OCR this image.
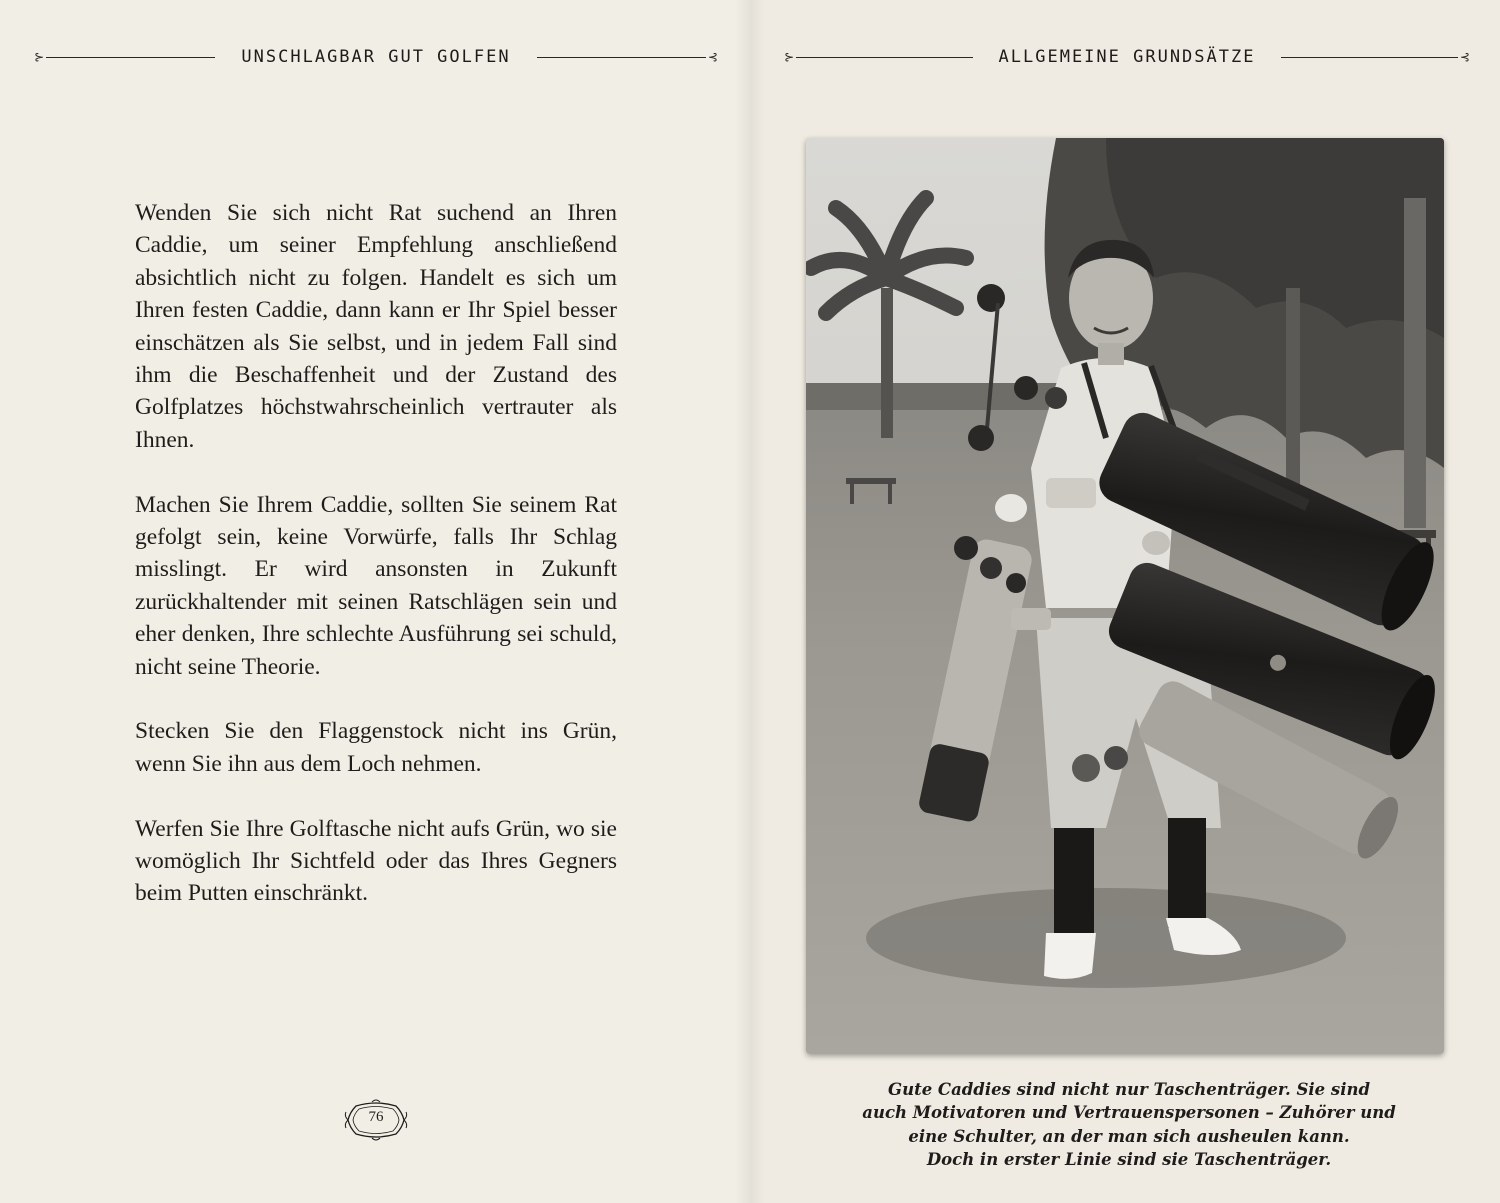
⊱	UNSCHLAGBAR GUT GOLFEN	⊰	⊱	ALLGEMEINE GRUNDSÄTZE	⊰

Wenden Sie sich nicht Rat suchend an Ihren Caddie, um seiner Empfehlung anschließend absichtlich nicht zu folgen. Handelt es sich um Ihren festen Caddie, dann kann er Ihr Spiel besser einschätzen als Sie selbst, und in jedem Fall sind ihm die Beschaffenheit und der Zustand des Golfplatzes höchstwahrscheinlich vertrauter als Ihnen.

Machen Sie Ihrem Caddie, sollten Sie seinem Rat gefolgt sein, keine Vorwürfe, falls Ihr Schlag misslingt. Er wird ansonsten in Zukunft zurückhaltender mit seinen Ratschlägen sein und eher denken, Ihre schlechte Ausführung sei schuld, nicht seine Theorie.

Stecken Sie den Flaggenstock nicht ins Grün, wenn Sie ihn aus dem Loch nehmen.

Werfen Sie Ihre Golftasche nicht aufs Grün, wo sie womöglich Ihr Sichtfeld oder das Ihres Gegners beim Putten einschränkt.

76
Gute Caddies sind nicht nur Taschenträger. Sie sind
auch Motivatoren und Vertrauenspersonen – Zuhörer und
eine Schulter, an der man sich ausheulen kann.
Doch in erster Linie sind sie Taschenträger.
